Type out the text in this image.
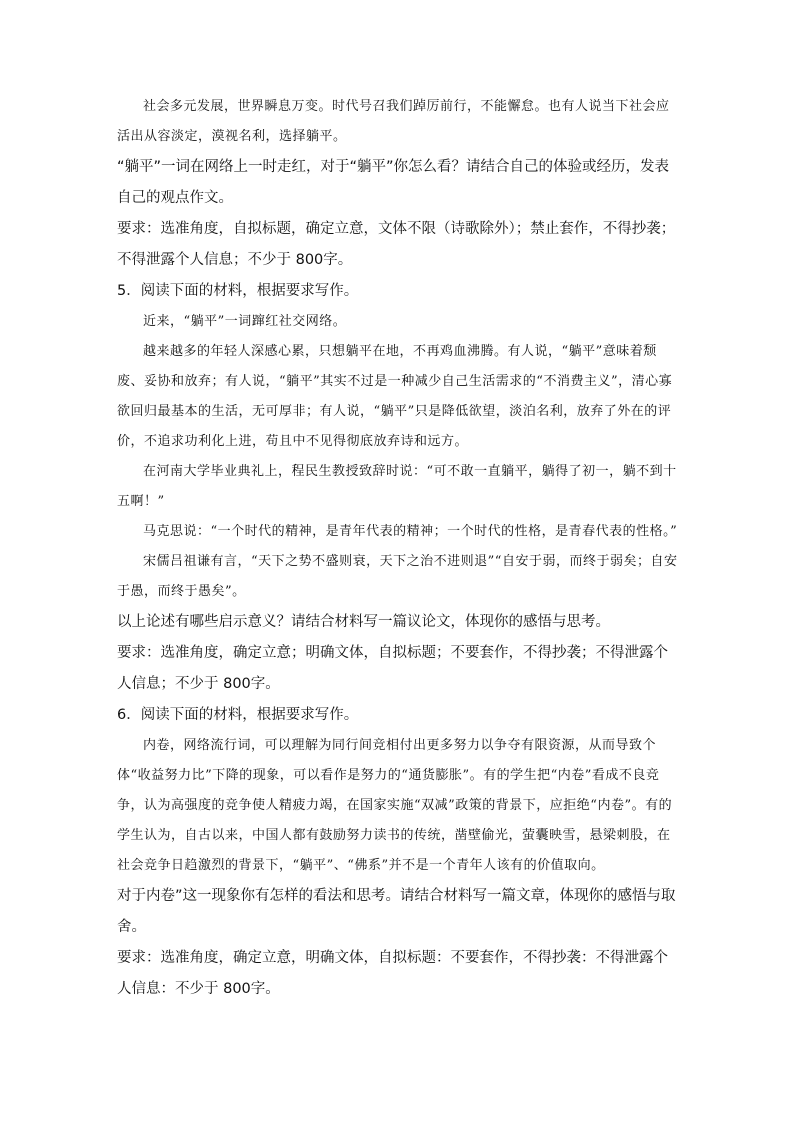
社会多元发展，世界瞬息万变。时代号召我们踔厉前行，不能懈怠。也有人说当下社会应活出从容淡定，漠视名利，选择躺平。

“躺平”一词在网络上一时走红，对于“躺平”你怎么看？请结合自己的体验或经历，发表自己的观点作文。

要求：选准角度，自拟标题，确定立意，文体不限（诗歌除外）；禁止套作，不得抄袭；不得泄露个人信息；不少于 800字。

5．阅读下面的材料，根据要求写作。

近来，“躺平”一词蹿红社交网络。

越来越多的年轻人深感心累，只想躺平在地，不再鸡血沸腾。有人说，“躺平”意味着颓废、妥协和放弃；有人说，“躺平”其实不过是一种减少自己生活需求的“不消费主义”，清心寡欲回归最基本的生活，无可厚非；有人说，“躺平”只是降低欲望，淡泊名利，放弃了外在的评价，不追求功利化上进，苟且中不见得彻底放弃诗和远方。

在河南大学毕业典礼上，程民生教授致辞时说：“可不敢一直躺平，躺得了初一，躺不到十五啊！”

马克思说：“一个时代的精神，是青年代表的精神；一个时代的性格，是青春代表的性格。”

宋儒吕祖谦有言，“天下之势不盛则衰，天下之治不进则退”“自安于弱，而终于弱矣；自安于愚，而终于愚矣”。

以上论述有哪些启示意义？请结合材料写一篇议论文，体现你的感悟与思考。

要求：选准角度，确定立意；明确文体，自拟标题；不要套作，不得抄袭；不得泄露个人信息；不少于 800字。

6．阅读下面的材料，根据要求写作。

内卷，网络流行词，可以理解为同行间竞相付出更多努力以争夺有限资源，从而导致个体“收益努力比”下降的现象，可以看作是努力的“通货膨胀”。有的学生把“内卷”看成不良竞争，认为高强度的竞争使人精疲力竭，在国家实施“双减”政策的背景下，应拒绝“内卷”。有的学生认为，自古以来，中国人都有鼓励努力读书的传统，凿壁偷光，萤囊映雪，悬梁刺股，在社会竞争日趋激烈的背景下，“躺平”、“佛系”并不是一个青年人该有的价值取向。

对于内卷”这一现象你有怎样的看法和思考。请结合材料写一篇文章，体现你的感悟与取舍。

要求：选准角度，确定立意，明确文体，自拟标题：不要套作，不得抄袭：不得泄露个人信息：不少于 800字。
